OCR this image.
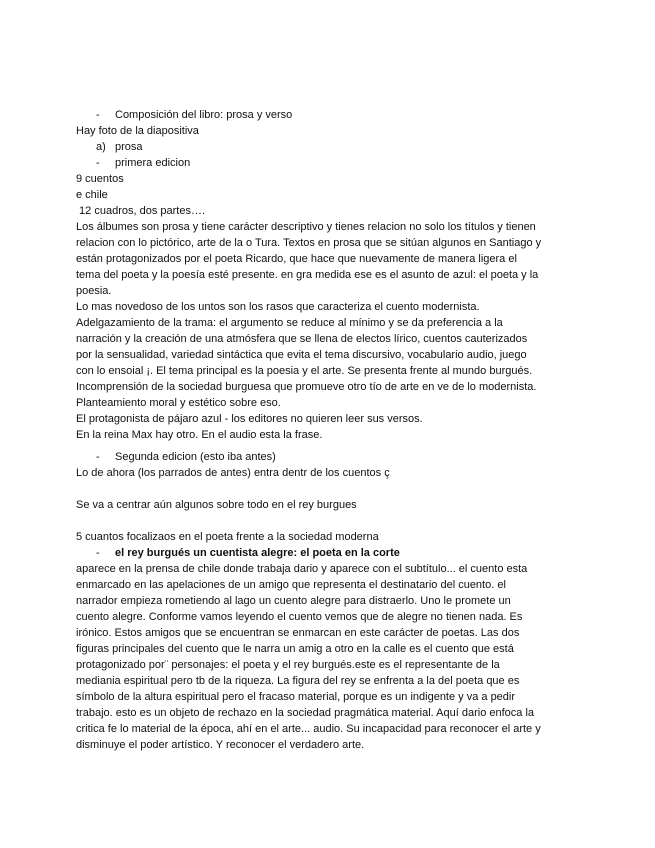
- Composición del libro: prosa y verso
Hay foto de la diapositiva
a) prosa
- primera edicion
9 cuentos
e chile
12 cuadros, dos partes….
Los álbumes son prosa y tiene carácter descriptivo y tienes relacion no solo los títulos y tienen
relacion con lo pictórico, arte de la o Tura. Textos en prosa que se sitúan algunos en Santiago y
están protagonizados por el poeta Ricardo, que hace que nuevamente de manera ligera el
tema del poeta y la poesía esté presente. en gra medida ese es el asunto de azul: el poeta y la
poesia.
Lo mas novedoso de los untos son los rasos que caracteriza el cuento modernista.
Adelgazamiento de la trama: el argumento se reduce al mínimo y se da preferencia a la
narración y la creación de una atmósfera que se llena de electos lírico, cuentos cauterizados
por la sensualidad, variedad sintáctica que evita el tema discursivo, vocabulario audio, juego
con lo ensoial ¡. El tema principal es la poesia y el arte. Se presenta frente al mundo burgués.
Incomprensión de la sociedad burguesa que promueve otro tío de arte en ve de lo modernista.
Planteamiento moral y estético sobre eso.
El protagonista de pájaro azul - los editores no quieren leer sus versos.
En la reina Max hay otro. En el audio esta la frase.
- Segunda edicion (esto iba antes)
Lo de ahora (los parrados de antes) entra dentr de los cuentos ç
Se va a centrar aún algunos sobre todo en el rey burgues
5 cuantos focalizaos en el poeta frente a la sociedad moderna
- el rey burgués un cuentista alegre: el poeta en la corte
aparece en la prensa de chile donde trabaja dario y aparece con el subtítulo... el cuento esta
enmarcado en las apelaciones de un amigo que representa el destinatario del cuento. el
narrador empieza rometiendo al lago un cuento alegre para distraerlo. Uno le promete un
cuento alegre. Conforme vamos leyendo el cuento vemos que de alegre no tienen nada. Es
irónico. Estos amigos que se encuentran se enmarcan en este carácter de poetas. Las dos
figuras principales del cuento que le narra un amig a otro en la calle es el cuento que está
protagonizado por¨ personajes: el poeta y el rey burgués.este es el representante de la
mediania espiritual pero tb de la riqueza. La figura del rey se enfrenta a la del poeta que es
símbolo de la altura espiritual pero el fracaso material, porque es un indigente y va a pedir
trabajo. esto es un objeto de rechazo en la sociedad pragmática material. Aquí dario enfoca la
critica fe lo material de la época, ahí en el arte... audio. Su incapacidad para reconocer el arte y
disminuye el poder artístico. Y reconocer el verdadero arte.
